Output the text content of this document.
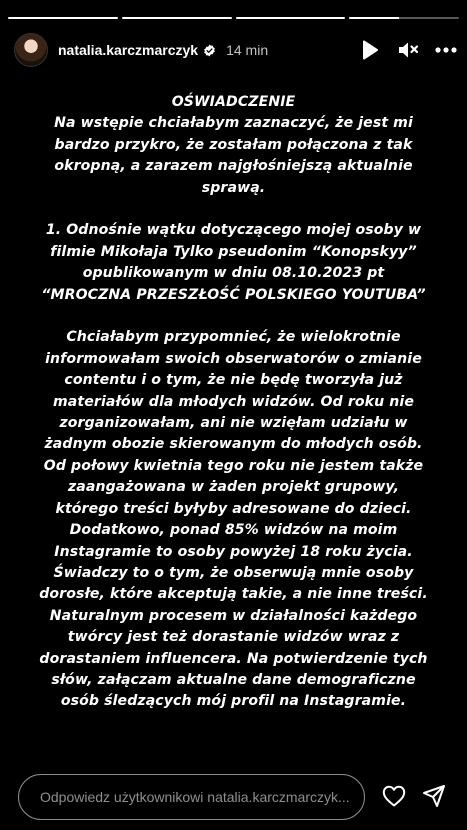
natalia.karczmarczyk 14 min

OŚWIADCZENIE

Na wstępie chciałabym zaznaczyć, że jest mi

bardzo przykro, że zostałam połączona z tak

okropną, a zarazem najgłośniejszą aktualnie

sprawą.

1. Odnośnie wątku dotyczącego mojej osoby w

filmie Mikołaja Tylko pseudonim “Konopskyy”

opublikowanym w dniu 08.10.2023 pt

“MROCZNA PRZESZŁOŚĆ POLSKIEGO YOUTUBA”

Chciałabym przypomnieć, że wielokrotnie

informowałam swoich obserwatorów o zmianie

contentu i o tym, że nie będę tworzyła już

materiałów dla młodych widzów. Od roku nie

zorganizowałam, ani nie wzięłam udziału w

żadnym obozie skierowanym do młodych osób.

Od połowy kwietnia tego roku nie jestem także

zaangażowana w żaden projekt grupowy,

którego treści byłyby adresowane do dzieci.

Dodatkowo, ponad 85% widzów na moim

Instagramie to osoby powyżej 18 roku życia.

Świadczy to o tym, że obserwują mnie osoby

dorosłe, które akceptują takie, a nie inne treści.

Naturalnym procesem w działalności każdego

twórcy jest też dorastanie widzów wraz z

dorastaniem influencera. Na potwierdzenie tych

słów, załączam aktualne dane demograficzne

osób śledzących mój profil na Instagramie.

Odpowiedz użytkownikowi natalia.karczmarczyk...
